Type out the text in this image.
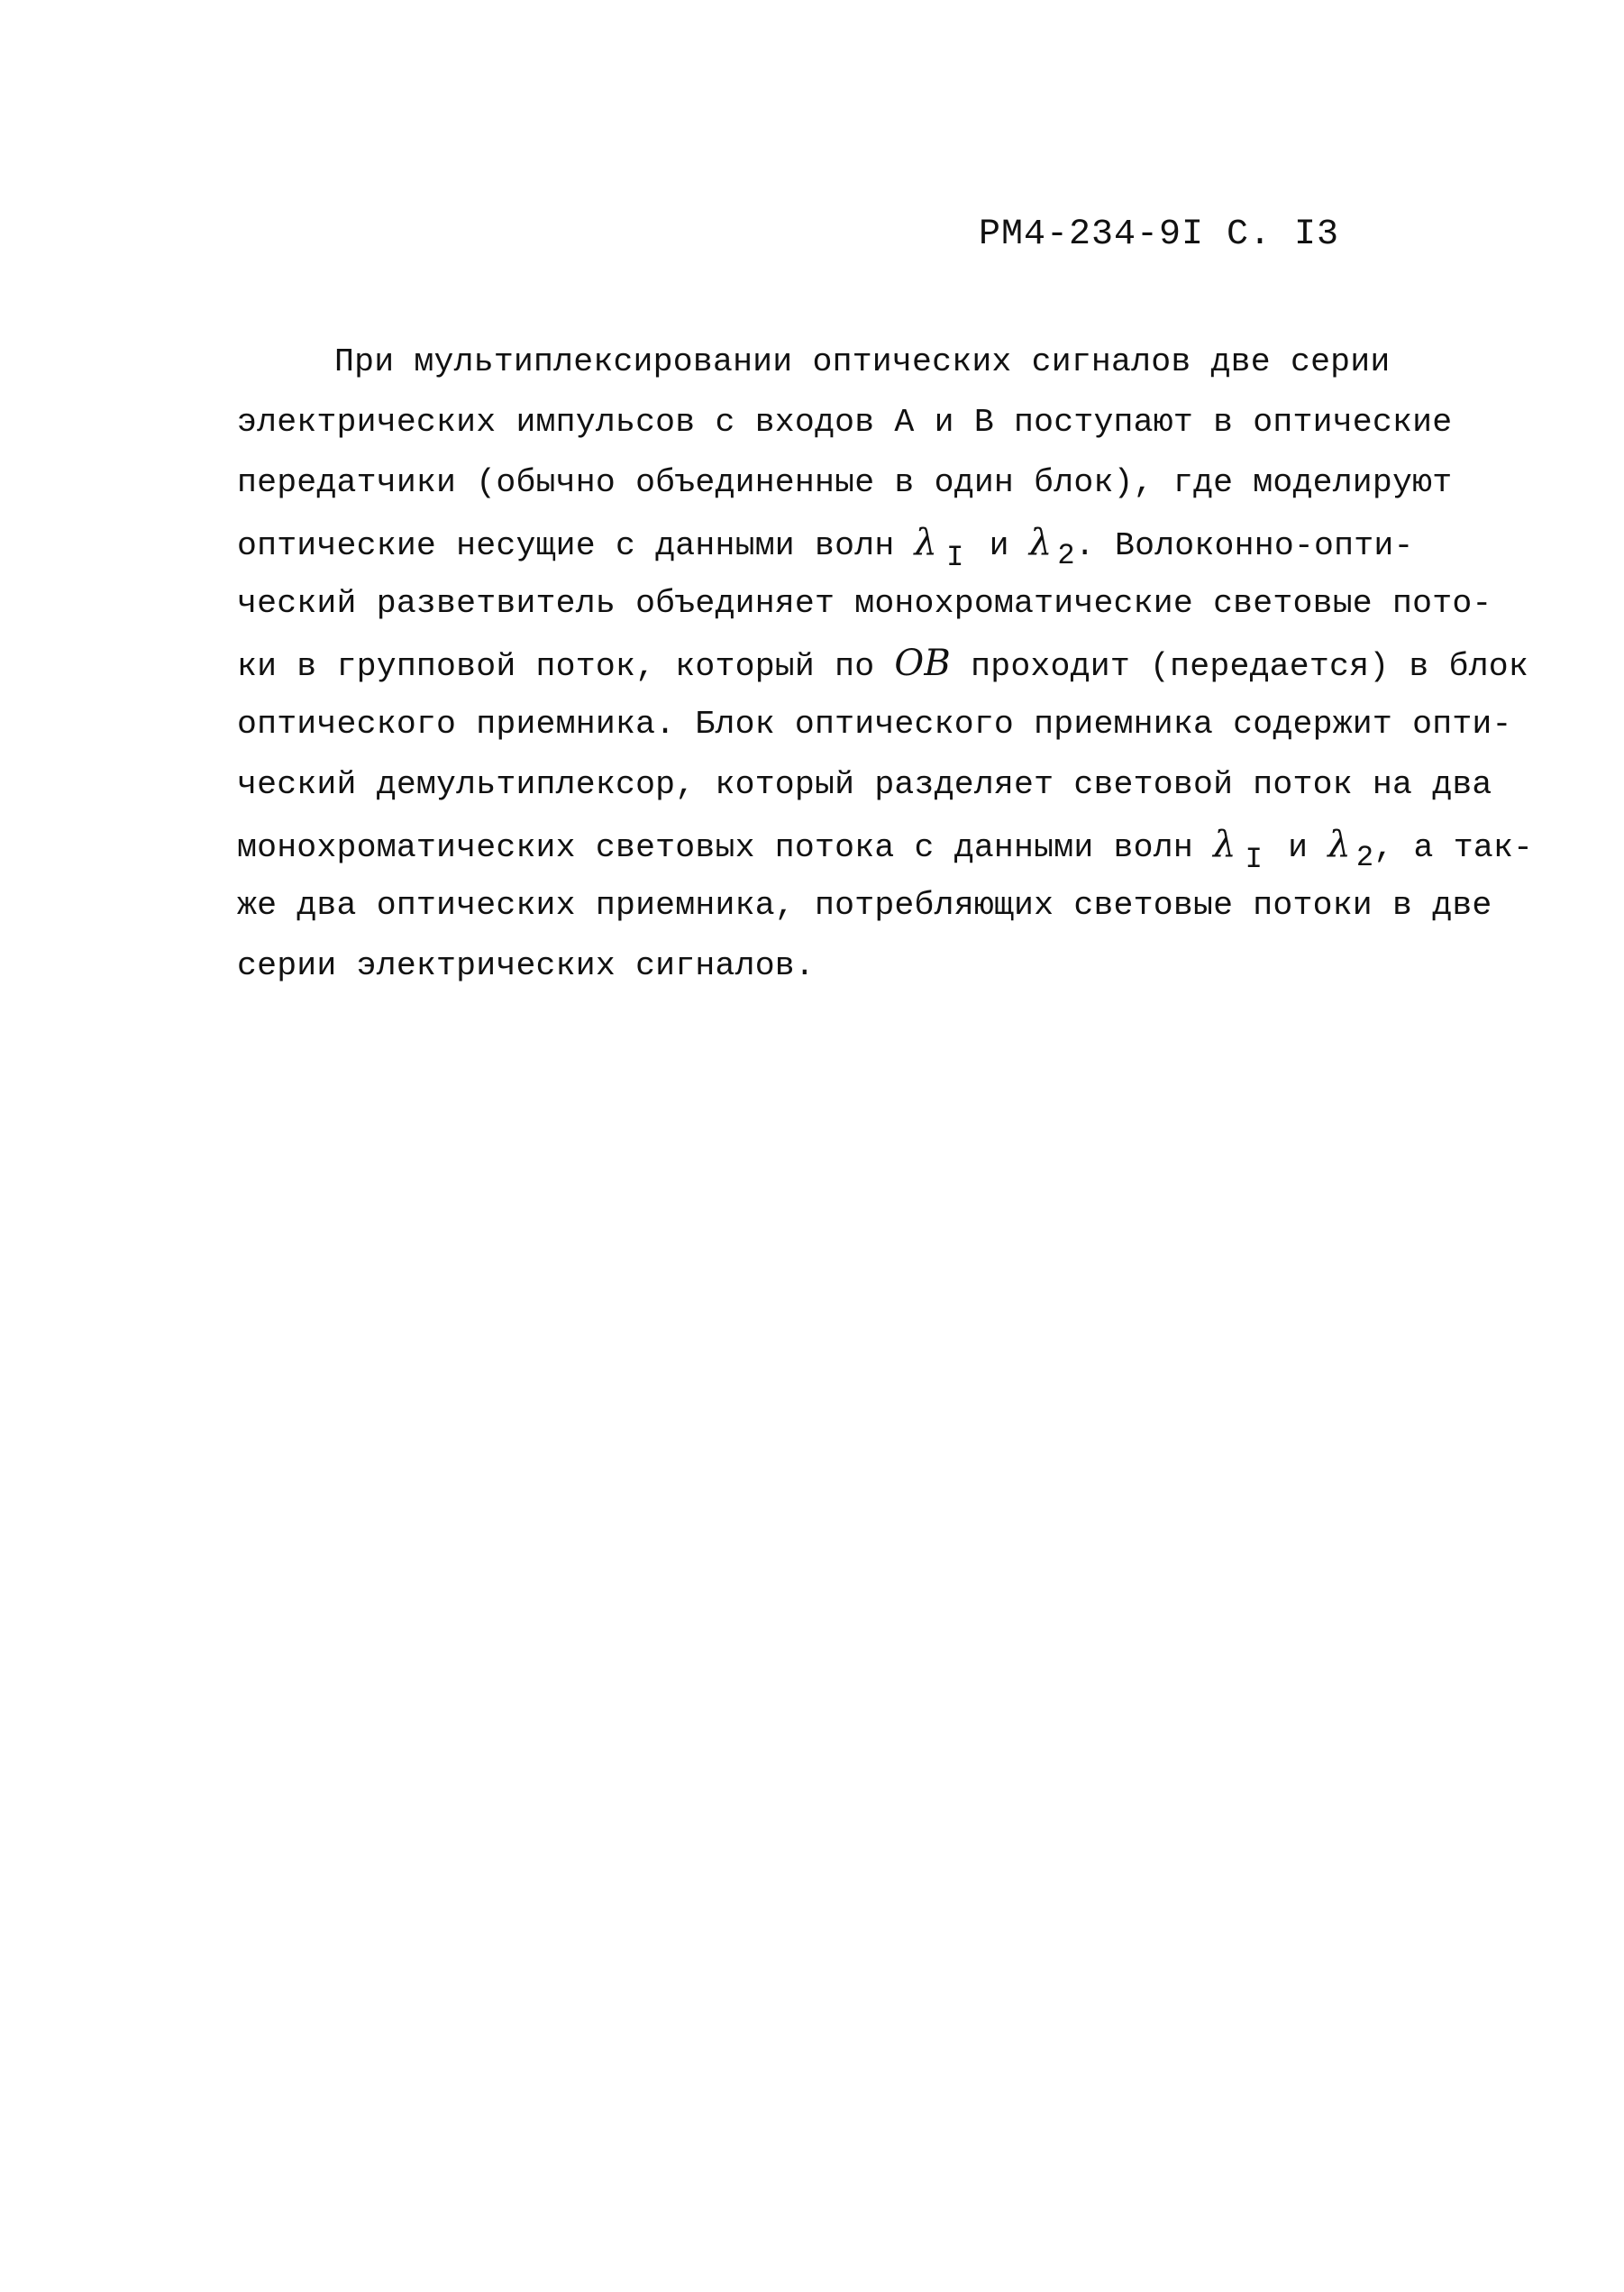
РМ4-234-9I С. I3
При мультиплексировании оптических сигналов две серии
электрических импульсов с входов А и В поступают в оптические
передатчики (обычно объединенные в один блок), где моделируют
оптические несущие с данными волн λ I и λ 2. Волоконно-опти-
ческий разветвитель объединяет монохроматические световые пото-
ки в групповой поток, который по ОВ проходит (передается) в блок
оптического приемника. Блок оптического приемника содержит опти-
ческий демультиплексор, который разделяет световой поток на два
монохроматических световых потока с данными волн λ I и λ 2, а так-
же два оптических приемника, потребляющих световые потоки в две
серии электрических сигналов.
